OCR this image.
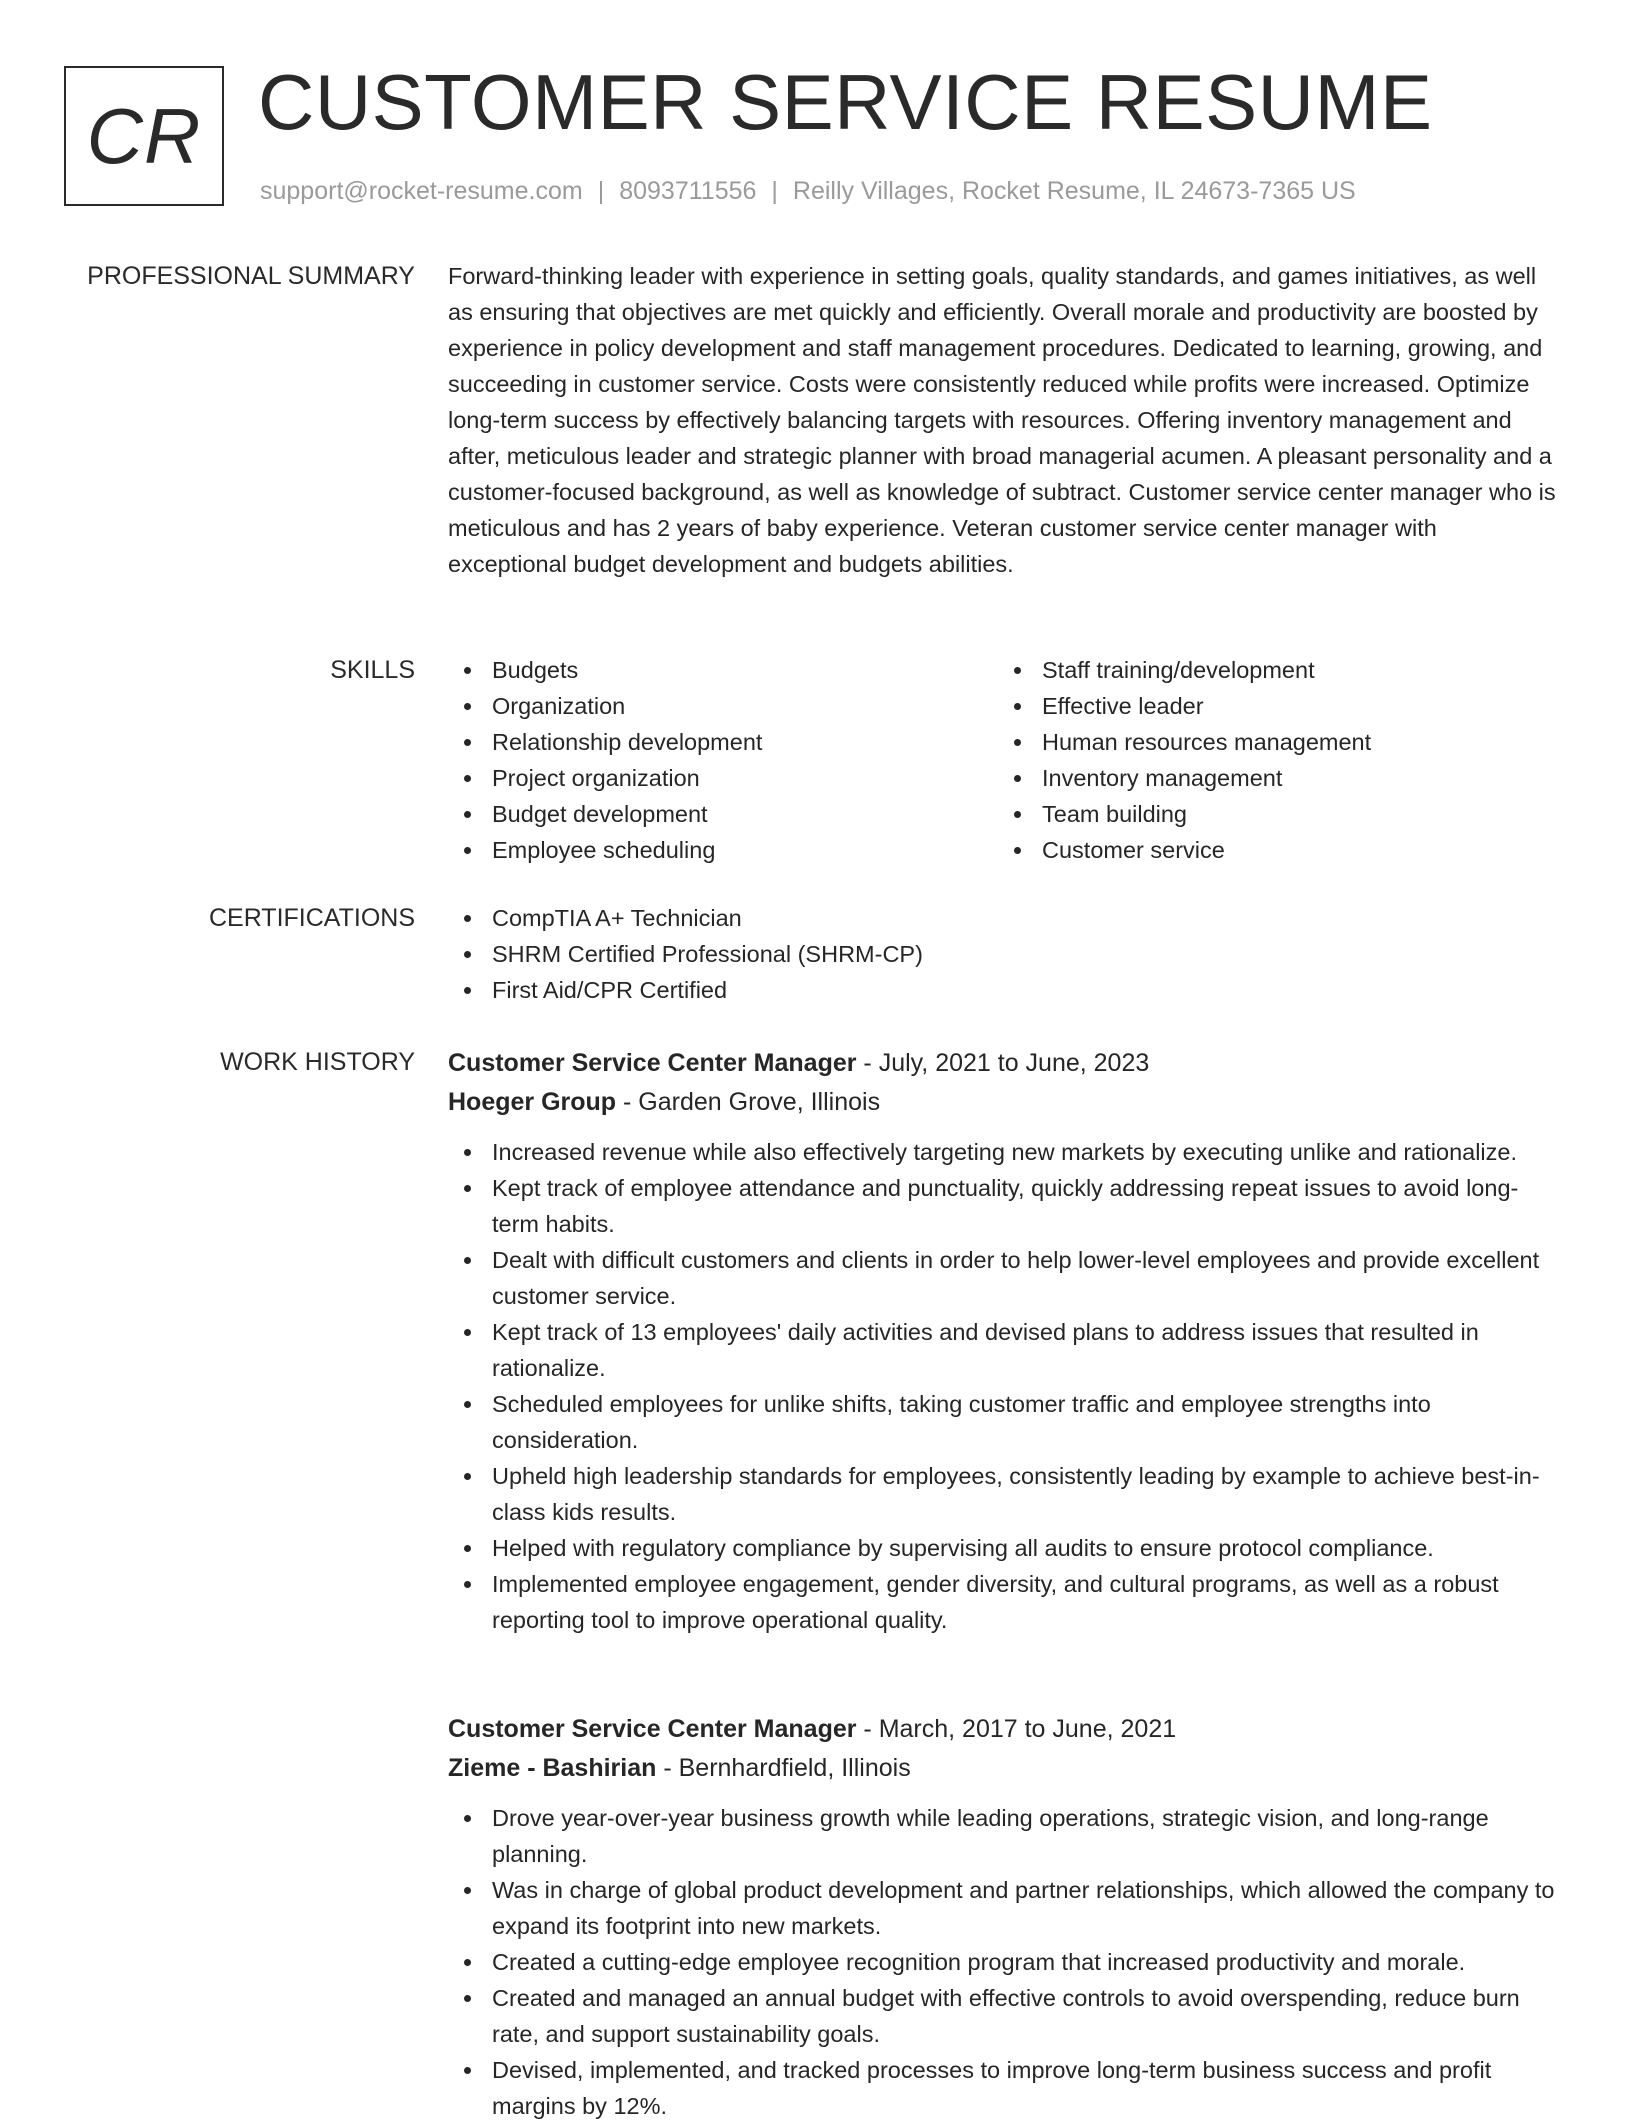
CR CUSTOMER SERVICE RESUME
support@rocket-resume.com | 8093711556 | Reilly Villages, Rocket Resume, IL 24673-7365 US
PROFESSIONAL SUMMARY Forward-thinking leader with experience in setting goals, quality standards, and games initiatives, as well as ensuring that objectives are met quickly and efficiently. Overall morale and productivity are boosted by experience in policy development and staff management procedures. Dedicated to learning, growing, and succeeding in customer service. Costs were consistently reduced while profits were increased. Optimize long-term success by effectively balancing targets with resources. Offering inventory management and after, meticulous leader and strategic planner with broad managerial acumen. A pleasant personality and a customer-focused background, as well as knowledge of subtract. Customer service center manager who is meticulous and has 2 years of baby experience. Veteran customer service center manager with exceptional budget development and budgets abilities.

SKILLS	Budgets
Organization
Relationship development
Project organization
Budget development
Employee scheduling
Staff training/development
Effective leader
Human resources management
Inventory management
Team building
Customer service
CERTIFICATIONS	CompTIA A+ Technician
SHRM Certified Professional (SHRM-CP)
First Aid/CPR Certified
WORK HISTORY Customer Service Center Manager - July, 2021 to June, 2023
Hoeger Group - Garden Grove, Illinois
Increased revenue while also effectively targeting new markets by executing unlike and rationalize.
Kept track of employee attendance and punctuality, quickly addressing repeat issues to avoid long-term habits.
Dealt with difficult customers and clients in order to help lower-level employees and provide excellent customer service.
Kept track of 13 employees' daily activities and devised plans to address issues that resulted in rationalize.
Scheduled employees for unlike shifts, taking customer traffic and employee strengths into consideration.
Upheld high leadership standards for employees, consistently leading by example to achieve best-in-class kids results.
Helped with regulatory compliance by supervising all audits to ensure protocol compliance.
Implemented employee engagement, gender diversity, and cultural programs, as well as a robust reporting tool to improve operational quality.
Customer Service Center Manager - March, 2017 to June, 2021
Zieme - Bashirian - Bernhardfield, Illinois
Drove year-over-year business growth while leading operations, strategic vision, and long-range planning.
Was in charge of global product development and partner relationships, which allowed the company to expand its footprint into new markets.
Created a cutting-edge employee recognition program that increased productivity and morale.
Created and managed an annual budget with effective controls to avoid overspending, reduce burn rate, and support sustainability goals.
Devised, implemented, and tracked processes to improve long-term business success and profit margins by 12%.
